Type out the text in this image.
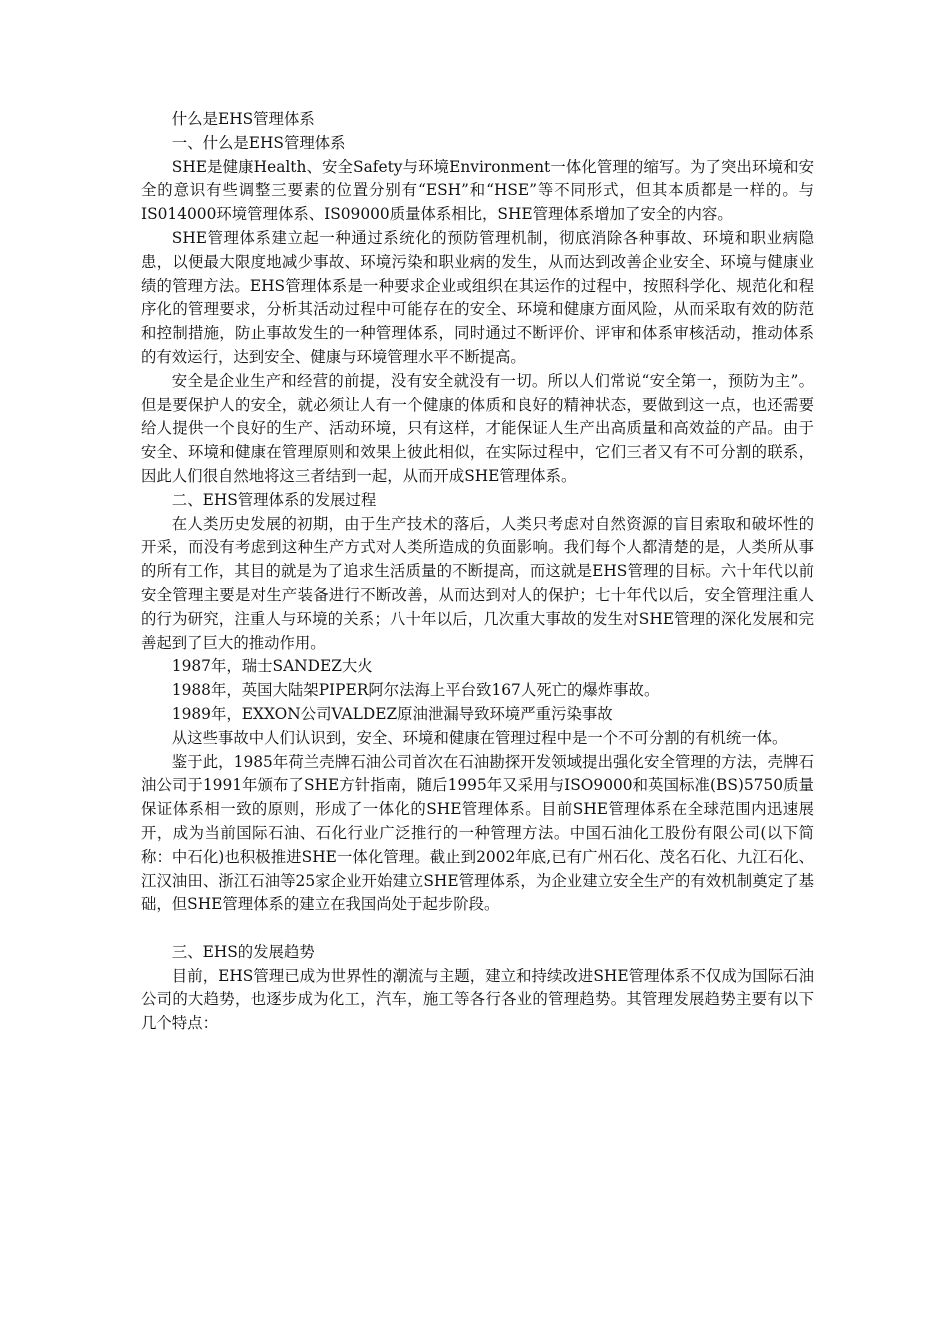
什么是EHS管理体系

一、什么是EHS管理体系

SHE是健康Health、安全Safety与环境Environment一体化管理的缩写。为了突出环境和安全的意识有些调整三要素的位置分别有“ESH”和“HSE”等不同形式，但其本质都是一样的。与IS014000环境管理体系、IS09000质量体系相比，SHE管理体系增加了安全的内容。

SHE管理体系建立起一种通过系统化的预防管理机制，彻底消除各种事故、环境和职业病隐患，以便最大限度地减少事故、环境污染和职业病的发生，从而达到改善企业安全、环境与健康业绩的管理方法。EHS管理体系是一种要求企业或组织在其运作的过程中，按照科学化、规范化和程序化的管理要求，分析其活动过程中可能存在的安全、环境和健康方面风险，从而采取有效的防范和控制措施，防止事故发生的一种管理体系，同时通过不断评价、评审和体系审核活动，推动体系的有效运行，达到安全、健康与环境管理水平不断提高。

安全是企业生产和经营的前提，没有安全就没有一切。所以人们常说“安全第一，预防为主”。但是要保护人的安全，就必须让人有一个健康的体质和良好的精神状态，要做到这一点，也还需要给人提供一个良好的生产、活动环境，只有这样，才能保证人生产出高质量和高效益的产品。由于安全、环境和健康在管理原则和效果上彼此相似，在实际过程中，它们三者又有不可分割的联系，因此人们很自然地将这三者结到一起，从而开成SHE管理体系。

二、EHS管理体系的发展过程

在人类历史发展的初期，由于生产技术的落后，人类只考虑对自然资源的盲目索取和破坏性的开采，而没有考虑到这种生产方式对人类所造成的负面影响。我们每个人都清楚的是，人类所从事的所有工作，其目的就是为了追求生活质量的不断提高，而这就是EHS管理的目标。六十年代以前安全管理主要是对生产装备进行不断改善，从而达到对人的保护；七十年代以后，安全管理注重人的行为研究，注重人与环境的关系；八十年以后，几次重大事故的发生对SHE管理的深化发展和完善起到了巨大的推动作用。

1987年，瑞士SANDEZ大火

1988年，英国大陆架PIPER阿尔法海上平台致167人死亡的爆炸事故。

1989年，EXXON公司VALDEZ原油泄漏导致环境严重污染事故

从这些事故中人们认识到，安全、环境和健康在管理过程中是一个不可分割的有机统一体。

鉴于此，1985年荷兰壳牌石油公司首次在石油勘探开发领域提出强化安全管理的方法，壳牌石油公司于1991年颁布了SHE方针指南，随后1995年又采用与ISO9000和英国标准(BS)5750质量保证体系相一致的原则，形成了一体化的SHE管理体系。目前SHE管理体系在全球范围内迅速展开，成为当前国际石油、石化行业广泛推行的一种管理方法。中国石油化工股份有限公司(以下简称：中石化)也积极推进SHE一体化管理。截止到2002年底,已有广州石化、茂名石化、九江石化、江汉油田、浙江石油等25家企业开始建立SHE管理体系，为企业建立安全生产的有效机制奠定了基础，但SHE管理体系的建立在我国尚处于起步阶段。

三、EHS的发展趋势

目前，EHS管理已成为世界性的潮流与主题，建立和持续改进SHE管理体系不仅成为国际石油公司的大趋势，也逐步成为化工，汽车，施工等各行各业的管理趋势。其管理发展趋势主要有以下几个特点：
